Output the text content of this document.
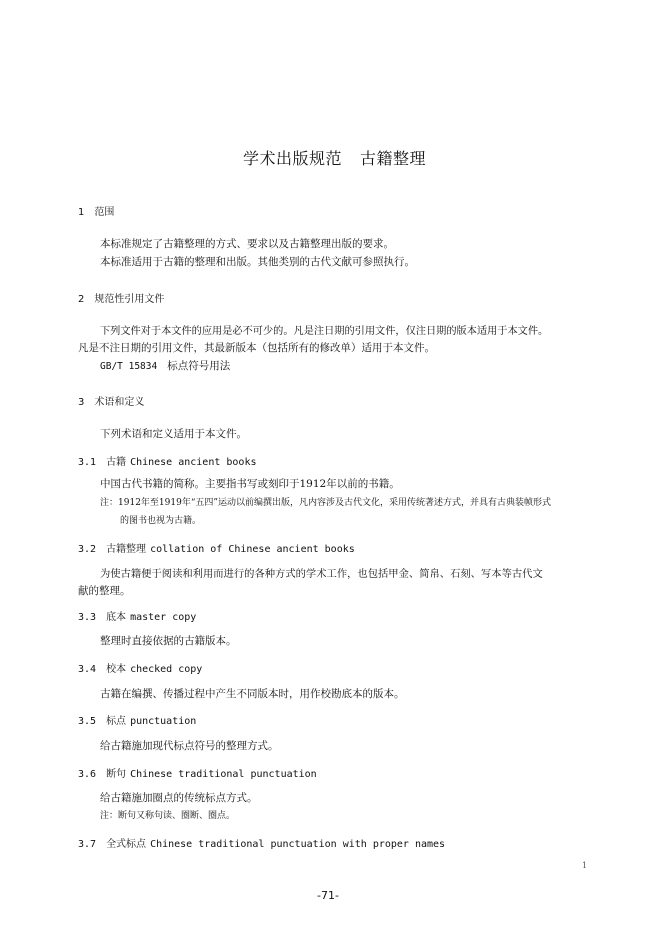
学术出版规范 古籍整理
1 范围
本标准规定了古籍整理的方式、要求以及古籍整理出版的要求。
本标准适用于古籍的整理和出版。其他类别的古代文献可参照执行。
2 规范性引用文件
下列文件对于本文件的应用是必不可少的。凡是注日期的引用文件，仅注日期的版本适用于本文件。
凡是不注日期的引用文件，其最新版本（包括所有的修改单）适用于本文件。
GB/T 15834 标点符号用法
3 术语和定义
下列术语和定义适用于本文件。
3.1 古籍 Chinese ancient books
中国古代书籍的简称。主要指书写或刻印于1912年以前的书籍。
注：1912年至1919年“五四”运动以前编撰出版，凡内容涉及古代文化，采用传统著述方式，并具有古典装帧形式
的图书也视为古籍。
3.2 古籍整理 collation of Chinese ancient books
为使古籍便于阅读和利用而进行的各种方式的学术工作，也包括甲金、简帛、石刻、写本等古代文
献的整理。
3.3 底本 master copy
整理时直接依据的古籍版本。
3.4 校本 checked copy
古籍在编撰、传播过程中产生不同版本时，用作校勘底本的版本。
3.5 标点 punctuation
给古籍施加现代标点符号的整理方式。
3.6 断句 Chinese traditional punctuation
给古籍施加圈点的传统标点方式。
注：断句又称句读、圈断、圈点。
3.7 全式标点 Chinese traditional punctuation with proper names
1
-71-
